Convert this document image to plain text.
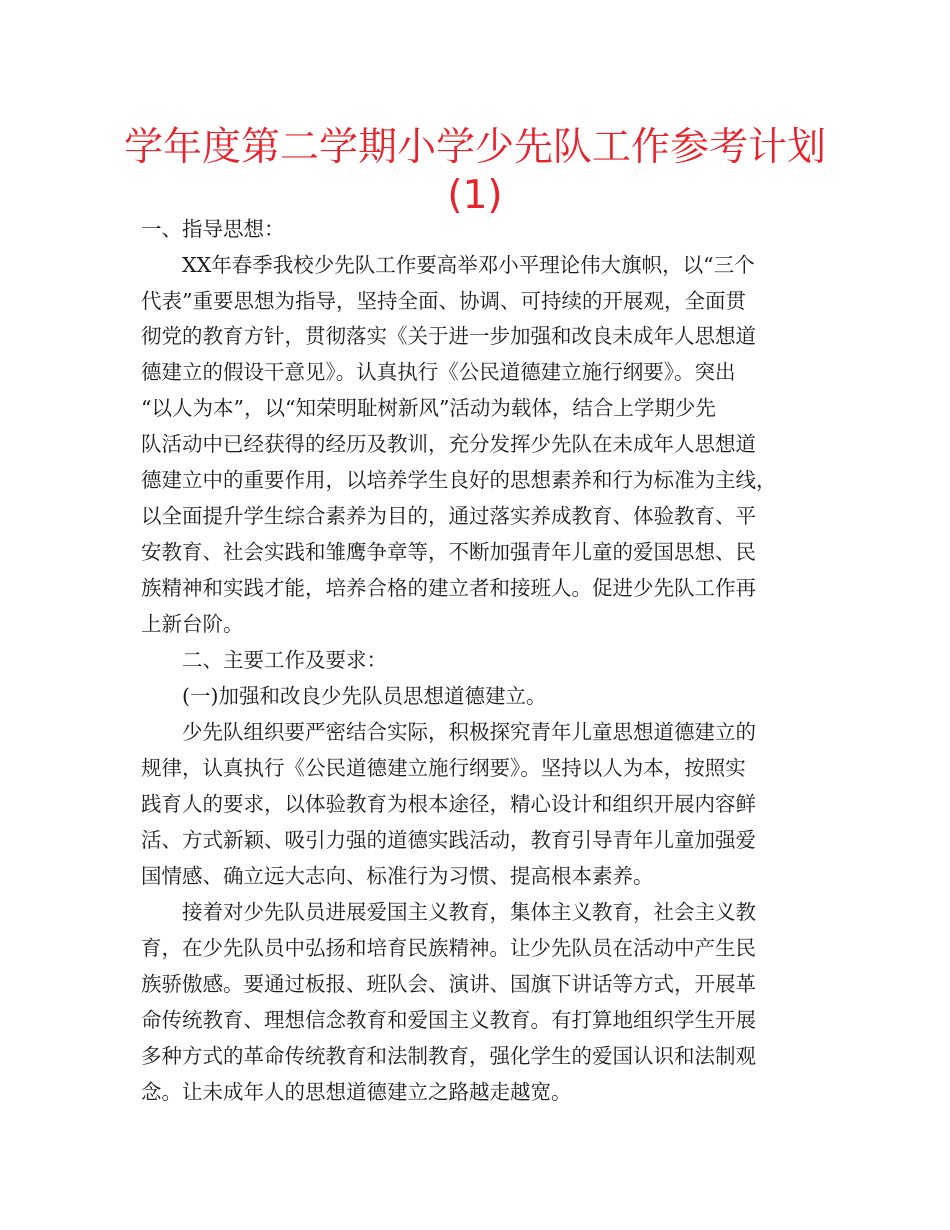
学年度第二学期小学少先队工作参考计划
(1)
一、指导思想：
　　XX年春季我校少先队工作要高举邓小平理论伟大旗帜，以“三个
代表”重要思想为指导，坚持全面、协调、可持续的开展观，全面贯
彻党的教育方针，贯彻落实《关于进一步加强和改良未成年人思想道
德建立的假设干意见》。认真执行《公民道德建立施行纲要》。突出
“以人为本”，以“知荣明耻树新风”活动为载体，结合上学期少先
队活动中已经获得的经历及教训，充分发挥少先队在未成年人思想道
德建立中的重要作用，以培养学生良好的思想素养和行为标准为主线，
以全面提升学生综合素养为目的，通过落实养成教育、体验教育、平
安教育、社会实践和雏鹰争章等，不断加强青年儿童的爱国思想、民
族精神和实践才能，培养合格的建立者和接班人。促进少先队工作再
上新台阶。
　　二、主要工作及要求：
　　(一)加强和改良少先队员思想道德建立。
　　少先队组织要严密结合实际，积极探究青年儿童思想道德建立的
规律，认真执行《公民道德建立施行纲要》。坚持以人为本，按照实
践育人的要求，以体验教育为根本途径，精心设计和组织开展内容鲜
活、方式新颖、吸引力强的道德实践活动，教育引导青年儿童加强爱
国情感、确立远大志向、标准行为习惯、提高根本素养。
　　接着对少先队员进展爱国主义教育，集体主义教育，社会主义教
育，在少先队员中弘扬和培育民族精神。让少先队员在活动中产生民
族骄傲感。要通过板报、班队会、演讲、国旗下讲话等方式，开展革
命传统教育、理想信念教育和爱国主义教育。有打算地组织学生开展
多种方式的革命传统教育和法制教育，强化学生的爱国认识和法制观
念。让未成年人的思想道德建立之路越走越宽。
